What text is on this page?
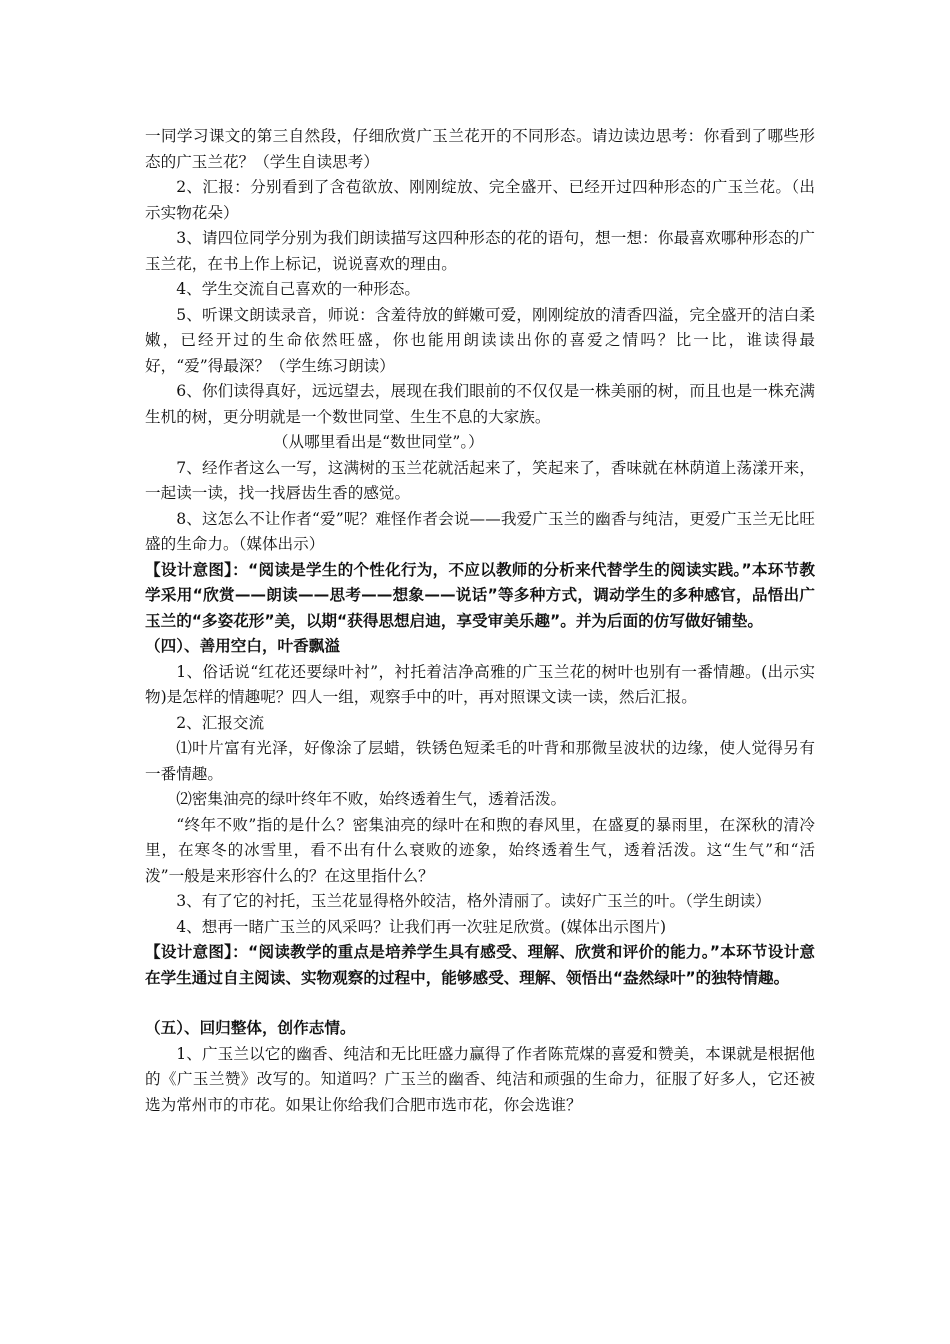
一同学习课文的第三自然段，仔细欣赏广玉兰花开的不同形态。请边读边思考：你看到了哪些形态的广玉兰花？（学生自读思考）

2、汇报：分别看到了含苞欲放、刚刚绽放、完全盛开、已经开过四种形态的广玉兰花。（出示实物花朵）

3、请四位同学分别为我们朗读描写这四种形态的花的语句，想一想：你最喜欢哪种形态的广玉兰花，在书上作上标记，说说喜欢的理由。

4、学生交流自己喜欢的一种形态。

5、听课文朗读录音，师说：含羞待放的鲜嫩可爱，刚刚绽放的清香四溢，完全盛开的洁白柔嫩，已经开过的生命依然旺盛，你也能用朗读读出你的喜爱之情吗？比一比，谁读得最好，“爱”得最深？（学生练习朗读）

6、你们读得真好，远远望去，展现在我们眼前的不仅仅是一株美丽的树，而且也是一株充满生机的树，更分明就是一个数世同堂、生生不息的大家族。

（从哪里看出是“数世同堂”。）

7、经作者这么一写，这满树的玉兰花就活起来了，笑起来了，香味就在林荫道上荡漾开来，一起读一读，找一找唇齿生香的感觉。

8、这怎么不让作者“爱”呢？难怪作者会说——我爱广玉兰的幽香与纯洁，更爱广玉兰无比旺盛的生命力。（媒体出示）

【设计意图】：“阅读是学生的个性化行为，不应以教师的分析来代替学生的阅读实践。”本环节教学采用“欣赏——朗读——思考——想象——说话”等多种方式，调动学生的多种感官，品悟出广玉兰的“多姿花形”美，以期“获得思想启迪，享受审美乐趣”。并为后面的仿写做好铺垫。

（四）、善用空白，叶香飘溢

1、俗话说“红花还要绿叶衬”，衬托着洁净高雅的广玉兰花的树叶也别有一番情趣。(出示实物)是怎样的情趣呢？四人一组，观察手中的叶，再对照课文读一读，然后汇报。

2、汇报交流

⑴叶片富有光泽，好像涂了层蜡，铁锈色短柔毛的叶背和那微呈波状的边缘，使人觉得另有一番情趣。

⑵密集油亮的绿叶终年不败，始终透着生气，透着活泼。

“终年不败”指的是什么？密集油亮的绿叶在和煦的春风里，在盛夏的暴雨里，在深秋的清冷里，在寒冬的冰雪里，看不出有什么衰败的迹象，始终透着生气，透着活泼。这“生气”和“活泼”一般是来形容什么的？在这里指什么？

3、有了它的衬托，玉兰花显得格外皎洁，格外清丽了。读好广玉兰的叶。（学生朗读）

4、想再一睹广玉兰的风采吗？让我们再一次驻足欣赏。(媒体出示图片)

【设计意图】：“阅读教学的重点是培养学生具有感受、理解、欣赏和评价的能力。”本环节设计意在学生通过自主阅读、实物观察的过程中，能够感受、理解、领悟出“盎然绿叶”的独特情趣。

（五）、回归整体，创作志情。

1、广玉兰以它的幽香、纯洁和无比旺盛力赢得了作者陈荒煤的喜爱和赞美，本课就是根据他的《广玉兰赞》改写的。知道吗？广玉兰的幽香、纯洁和顽强的生命力，征服了好多人，它还被选为常州市的市花。如果让你给我们合肥市选市花，你会选谁？
